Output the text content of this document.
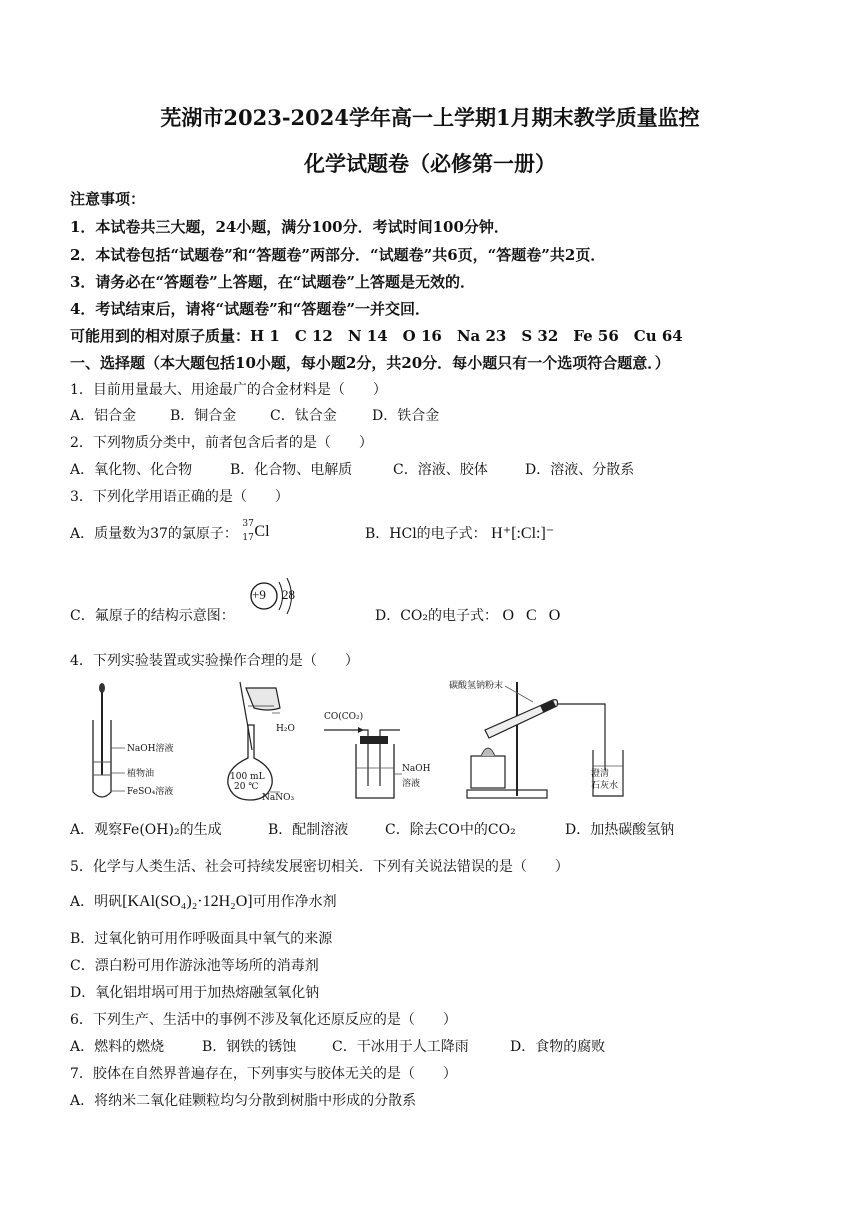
芜湖市2023-2024学年高一上学期1月期末教学质量监控
化学试题卷（必修第一册）
注意事项：
1．本试卷共三大题，24小题，满分100分．考试时间100分钟．
2．本试卷包括“试题卷”和“答题卷”两部分．“试题卷”共6页，“答题卷”共2页．
3．请务必在“答题卷”上答题，在“试题卷”上答题是无效的．
4．考试结束后，请将“试题卷”和“答题卷”一并交回．
可能用到的相对原子质量：H 1　C 12　N 14　O 16　Na 23　S 32　Fe 56　Cu 64
一、选择题（本大题包括10小题，每小题2分，共20分．每小题只有一个选项符合题意．）
1．目前用量最大、用途最广的合金材料是（　　）
A．铝合金 B．铜合金 C．钛合金	D．铁合金
2．下列物质分类中，前者包含后者的是（　　）
A．氧化物、化合物	B．化合物、电解质	C．溶液、胶体	D．溶液、分散系
3．下列化学用语正确的是（　　）
A．质量数为37的氯原子：
37
17 Cl	B．HCl的电子式： H⁺[:Cl:]⁻
C．氟原子的结构示意图：
+9 28
D．CO₂的电子式： O C O
4．下列实验装置或实验操作合理的是（　　）
NaOH溶液
植物油
FeSO₄溶液
H₂O
100 mL
20 ℃
NaNO₃
CO(CO₂)
NaOH
溶液
碳酸氢钠粉末
澄清
石灰水
A．观察Fe(OH)₂的生成	B．配制溶液	C．除去CO中的CO₂	D．加热碳酸氢钠
5．化学与人类生活、社会可持续发展密切相关．下列有关说法错误的是（　　）
A．明矾[KAl(SO₄)₂·12H₂O]可用作净水剂
B．过氧化钠可用作呼吸面具中氧气的来源
C．漂白粉可用作游泳池等场所的消毒剂
D．氧化铝坩埚可用于加热熔融氢氧化钠
6．下列生产、生活中的事例不涉及氧化还原反应的是（　　）
A．燃料的燃烧	B．钢铁的锈蚀	C．干冰用于人工降雨	D．食物的腐败
7．胶体在自然界普遍存在，下列事实与胶体无关的是（　　）
A．将纳米二氧化硅颗粒均匀分散到树脂中形成的分散系
